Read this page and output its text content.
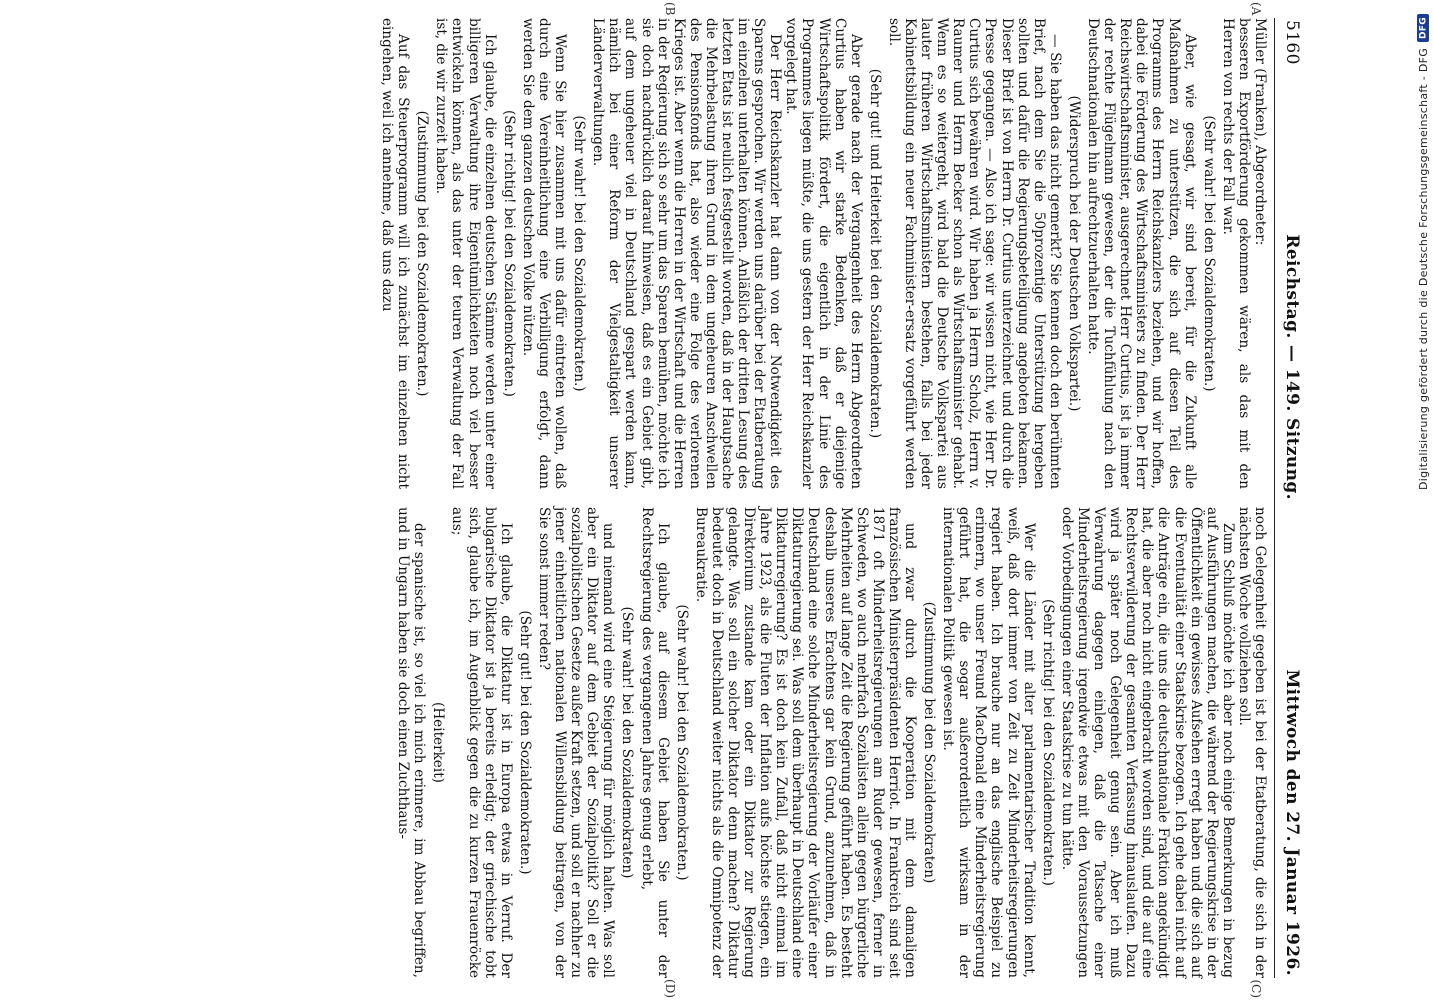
5160
Reichstag. — 149. Sitzung.
Mittwoch den 27. Januar 1926.
(A
(B
(C)
(D)

Müller (Franken), Abgeordneter:

besseren Exportförderung gekommen wären, als das mit den Herren von rechts der Fall war.

(Sehr wahr! bei den Sozialdemokraten.)

Aber, wie gesagt, wir sind bereit, für die Zukunft alle Maßnahmen zu unterstützen, die sich auf diesen Teil des Programms des Herrn Reichskanzlers beziehen, und wir hoffen, dabei die Förderung des Wirtschaftsministers zu finden. Der Herr Reichswirtschaftsminister, ausgerechnet Herr Curtius, ist ja immer der rechte Flügelmann gewesen, der die Tuchfühlung nach den Deutschnationalen hin aufrechtzuerhalten hatte.

(Widerspruch bei der Deutschen Volkspartei.)

— Sie haben das nicht gemerkt? Sie kennen doch den berühmten Brief, nach dem Sie die 50prozentige Unterstützung hergeben sollten und dafür die Regierungsbeteiligung angeboten bekamen. Dieser Brief ist von Herrn Dr. Curtius unterzeichnet und durch die Presse gegangen. — Also ich sage: wir wissen nicht, wie Herr Dr. Curtius sich bewähren wird. Wir haben ja Herrn Scholz, Herrn v. Raumer und Herrn Becker schon als Wirtschaftsminister gehabt. Wenn es so weitergeht, wird bald die Deutsche Volkspartei aus lauter früheren Wirtschaftsministern bestehen, falls bei jeder Kabinettsbildung ein neuer Fachminister-ersatz vorgeführt werden soll.

(Sehr gut! und Heiterkeit bei den Sozialdemokraten.)

Aber gerade nach der Vergangenheit des Herrn Abgeordneten Curtius haben wir starke Bedenken, daß er diejenige Wirtschaftspolitik fördert, die eigentlich in der Linie des Programmes liegen müßte, die uns gestern der Herr Reichskanzler vorgelegt hat.

Der Herr Reichskanzler hat dann von der Notwendigkeit des Sparens gesprochen. Wir werden uns darüber bei der Etatberatung im einzelnen unterhalten können. Anläßlich der dritten Lesung des letzten Etats ist neulich festgestellt worden, daß in der Hauptsache die Mehrbelastung ihren Grund in dem ungeheuren Anschwellen des Pensionsfonds hat, also wieder eine Folge des verlorenen Krieges ist. Aber wenn die Herren in der Wirtschaft und die Herren in der Regierung sich so sehr um das Sparen bemühen, möchte ich sie doch nachdrücklich darauf hinweisen, daß es ein Gebiet gibt, auf dem ungeheuer viel in Deutschland gespart werden kann, nämlich bei einer Reform der Vielgestaltigkeit unserer Länderverwaltungen.

(Sehr wahr! bei den Sozialdemokraten.)

Wenn Sie hier zusammen mit uns dafür eintreten wollen, daß durch eine Vereinheitlichung eine Verbilligung erfolgt, dann werden Sie dem ganzen deutschen Volke nützen.

(Sehr richtig! bei den Sozialdemokraten.)

Ich glaube, die einzelnen deutschen Stämme werden unter einer billigeren Verwaltung ihre Eigentümlichkeiten noch viel besser entwickeln können, als das unter der teuren Verwaltung der Fall ist, die wir zurzeit haben.

(Zustimmung bei den Sozialdemokraten.)

Auf das Steuerprogramm will ich zunächst im einzelnen nicht eingehen, weil ich annehme, daß uns dazu

noch Gelegenheit gegeben ist bei der Etatberatung, die sich in der nächsten Woche vollziehen soll.

Zum Schluß möchte ich aber noch einige Bemerkungen in bezug auf Ausführungen machen, die während der Regierungskrise in der Öffentlichkeit ein gewisses Aufsehen erregt haben und die sich auf die Eventualität einer Staatskrise bezogen. Ich gehe dabei nicht auf die Anträge ein, die uns die deutschnationale Fraktion angekündigt hat, die aber noch nicht eingebracht worden sind, und die auf eine Rechtsverwilderung der gesamten Verfassung hinauslaufen. Dazu wird ja später noch Gelegenheit genug sein. Aber ich muß Verwahrung dagegen einlegen, daß die Tatsache einer Minderheitsregierung irgendwie etwas mit den Voraussetzungen oder Vorbedingungen einer Staatskrise zu tun hätte.

(Sehr richtig! bei den Sozialdemokraten.)

Wer die Länder mit alter parlamentarischer Tradition kennt, weiß, daß dort immer von Zeit zu Zeit Minderheitsregierungen regiert haben. Ich brauche nur an das englische Beispiel zu erinnern, wo unser Freund MacDonald eine Minderheitsregierung geführt hat, die sogar außerordentlich wirksam in der internationalen Politik gewesen ist.

(Zustimmung bei den Sozialdemokraten)

und zwar durch die Kooperation mit dem damaligen französischen Ministerpräsidenten Herriot. In Frankreich sind seit 1871 oft Minderheitsregierungen am Ruder gewesen, ferner in Schweden, wo auch mehrfach Sozialisten allein gegen bürgerliche Mehrheiten auf lange Zeit die Regierung geführt haben. Es besteht deshalb unseres Erachtens gar kein Grund, anzunehmen, daß in Deutschland eine solche Minderheitsregierung der Vorläufer einer Diktaturregierung sei. Was soll dem überhaupt in Deutschland eine Diktaturregierung? Es ist doch kein Zufall, daß nicht einmal im Jahre 1923, als die Fluten der Inflation aufs höchste stiegen, ein Direktorium zustande kam oder ein Diktator zur Regierung gelangte. Was soll ein solcher Diktator denn machen? Diktatur bedeutet doch in Deutschland weiter nichts als die Omnipotenz der Bureaukratie.

(Sehr wahr! bei den Sozialdemokraten.)

Ich glaube, auf diesem Gebiet haben Sie unter der Rechtsregierung des vergangenen Jahres genug erlebt,

(Sehr wahr! bei den Sozialdemokraten)

und niemand wird eine Steigerung für möglich halten. Was soll aber ein Diktator auf dem Gebiet der Sozialpolitik? Soll er die sozialpolitischen Gesetze außer Kraft setzen, und soll er nachher zu jener einheitlichen nationalen Willensbildung beitragen, von der Sie sonst immer reden?

(Sehr gut! bei den Sozialdemokraten.)

Ich glaube, die Diktatur ist in Europa etwas in Verruf. Der bulgarische Diktator ist ja bereits erledigt; der griechische tobt sich, glaube ich, im Augenblick gegen die zu kurzen Frauenröcke aus;

(Heiterkeit)

der spanische ist, so viel ich mich erinnere, im Abbau begriffen, und in Ungarn haben sie doch einen Zuchthaus-

Digitalisierung gefördert durch die Deutsche Forschungsgemeinschaft - DFG
DFG
